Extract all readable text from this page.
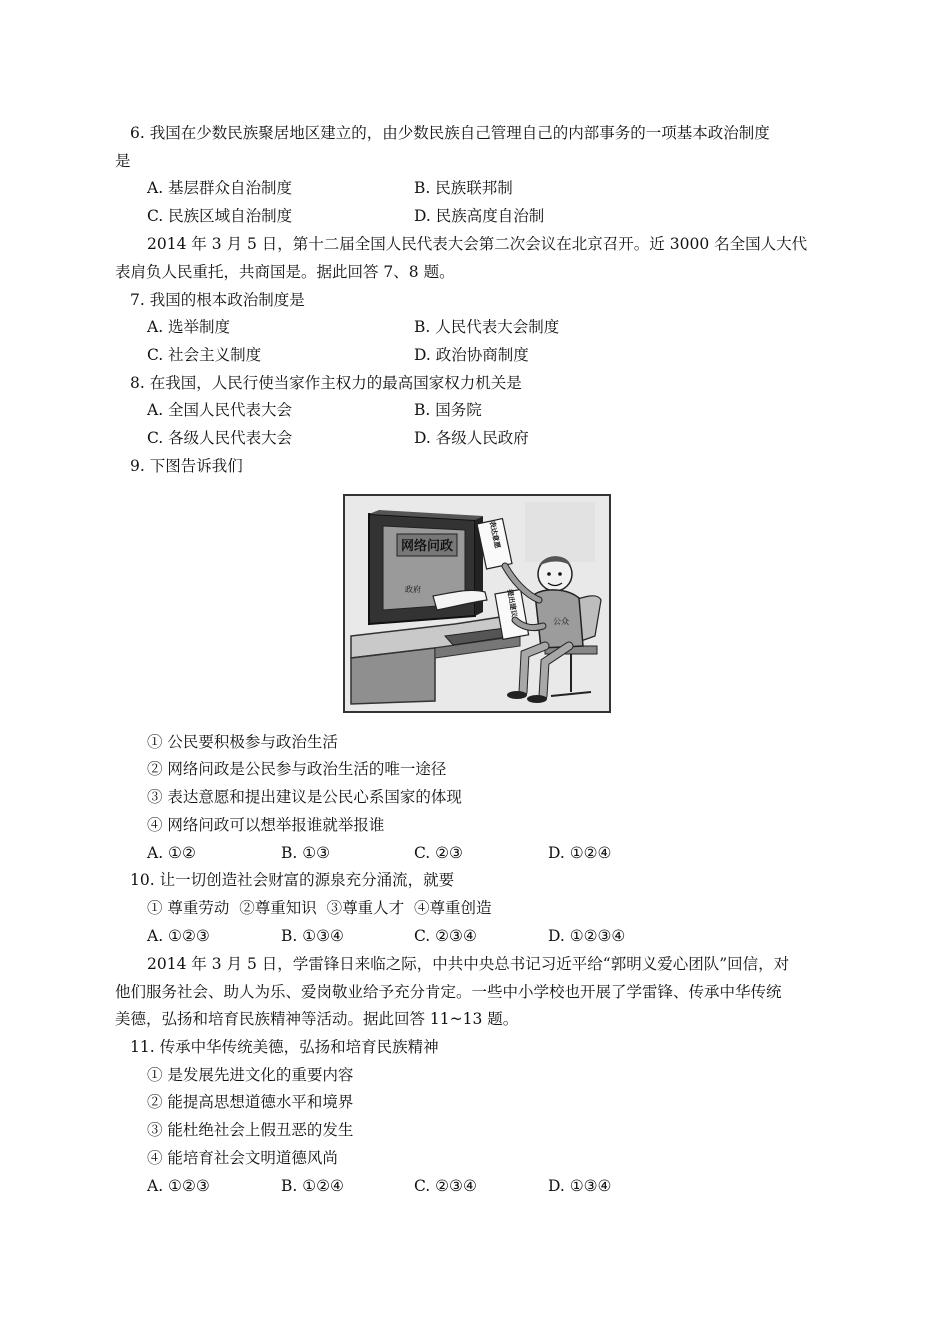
6. 我国在少数民族聚居地区建立的，由少数民族自己管理自己的内部事务的一项基本政治制度
是
A. 基层群众自治制度	B. 民族联邦制
C. 民族区域自治制度	D. 民族高度自治制
2014 年 3 月 5 日，第十二届全国人民代表大会第二次会议在北京召开。近 3000 名全国人大代
表肩负人民重托，共商国是。据此回答 7、8 题。
7. 我国的根本政治制度是
A. 选举制度	B. 人民代表大会制度
C. 社会主义制度	D. 政治协商制度
8. 在我国，人民行使当家作主权力的最高国家权力机关是
A. 全国人民代表大会	B. 国务院
C. 各级人民代表大会	D. 各级人民政府
9. 下图告诉我们
网络问政
政府
表达意愿
提出建议
公众
① 公民要积极参与政治生活
② 网络问政是公民参与政治生活的唯一途径
③ 表达意愿和提出建议是公民心系国家的体现
④ 网络问政可以想举报谁就举报谁
A. ①②	B. ①③	C. ②③	D. ①②④
10. 让一切创造社会财富的源泉充分涌流，就要
① 尊重劳动  ②尊重知识  ③尊重人才  ④尊重创造
A. ①②③	B. ①③④	C. ②③④	D. ①②③④
2014 年 3 月 5 日，学雷锋日来临之际，中共中央总书记习近平给“郭明义爱心团队”回信，对
他们服务社会、助人为乐、爱岗敬业给予充分肯定。一些中小学校也开展了学雷锋、传承中华传统
美德，弘扬和培育民族精神等活动。据此回答 11~13 题。
11. 传承中华传统美德，弘扬和培育民族精神
① 是发展先进文化的重要内容
② 能提高思想道德水平和境界
③ 能杜绝社会上假丑恶的发生
④ 能培育社会文明道德风尚
A. ①②③	B. ①②④	C. ②③④	D. ①③④
